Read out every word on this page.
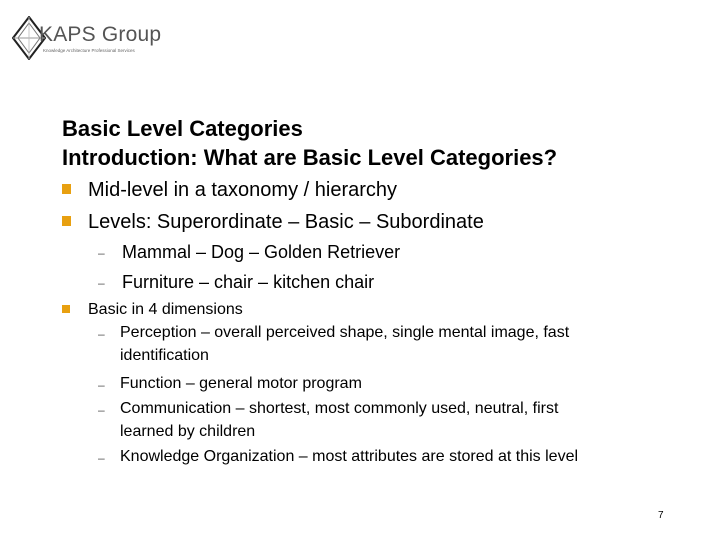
KAPS Group
Knowledge Architecture Professional Services
Basic Level Categories
Introduction: What are Basic Level Categories?
Mid-level in a taxonomy / hierarchy
Levels: Superordinate – Basic – Subordinate
– Mammal – Dog – Golden Retriever
– Furniture – chair – kitchen chair
Basic in 4 dimensions
– Perception – overall perceived shape, single mental image, fast
identification
– Function – general motor program
– Communication – shortest, most commonly used, neutral, first
learned by children
– Knowledge Organization – most attributes are stored at this level
7
